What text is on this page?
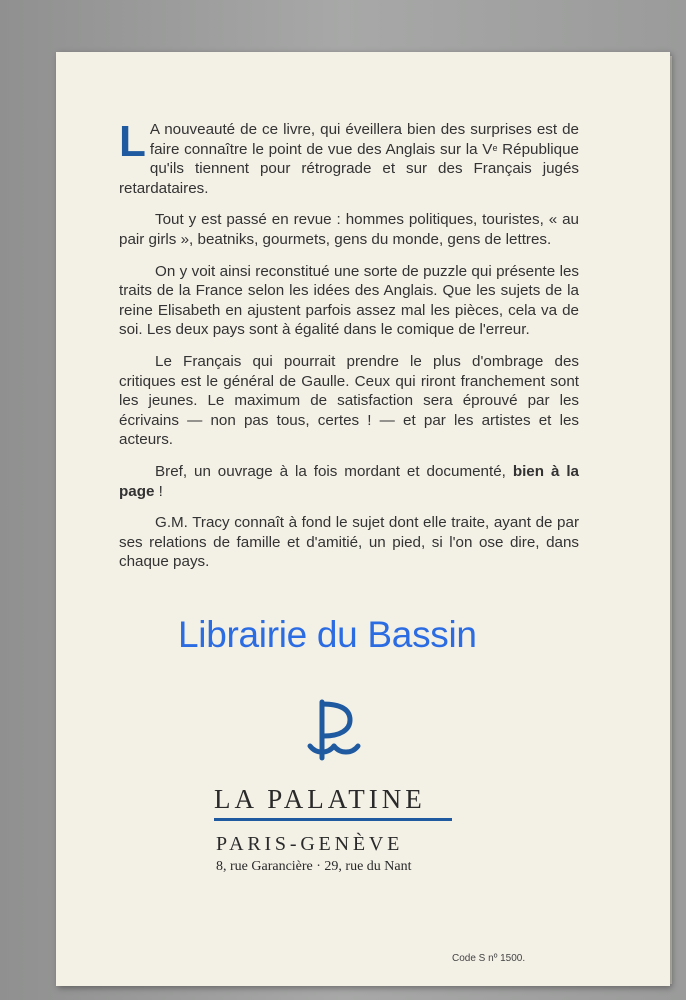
L A nouveauté de ce livre, qui éveillera bien des surprises est de faire connaître le point de vue des Anglais sur la Ve République qu'ils tiennent pour rétrograde et sur des Français jugés retardataires.

Tout y est passé en revue : hommes politiques, touristes, « au pair girls », beatniks, gourmets, gens du monde, gens de lettres.

On y voit ainsi reconstitué une sorte de puzzle qui présente les traits de la France selon les idées des Anglais. Que les sujets de la reine Elisabeth en ajustent parfois assez mal les pièces, cela va de soi. Les deux pays sont à égalité dans le comique de l'erreur.

Le Français qui pourrait prendre le plus d'ombrage des critiques est le général de Gaulle. Ceux qui riront franchement sont les jeunes. Le maximum de satisfaction sera éprouvé par les écrivains — non pas tous, certes ! — et par les artistes et les acteurs.

Bref, un ouvrage à la fois mordant et documenté, bien à la page !

G.M. Tracy connaît à fond le sujet dont elle traite, ayant de par ses relations de famille et d'amitié, un pied, si l'on ose dire, dans chaque pays.

Librairie du Bassin
LA PALATINE
PARIS-GENÈVE
8, rue Garancière · 29, rue du Nant
Code S nº 1500.
